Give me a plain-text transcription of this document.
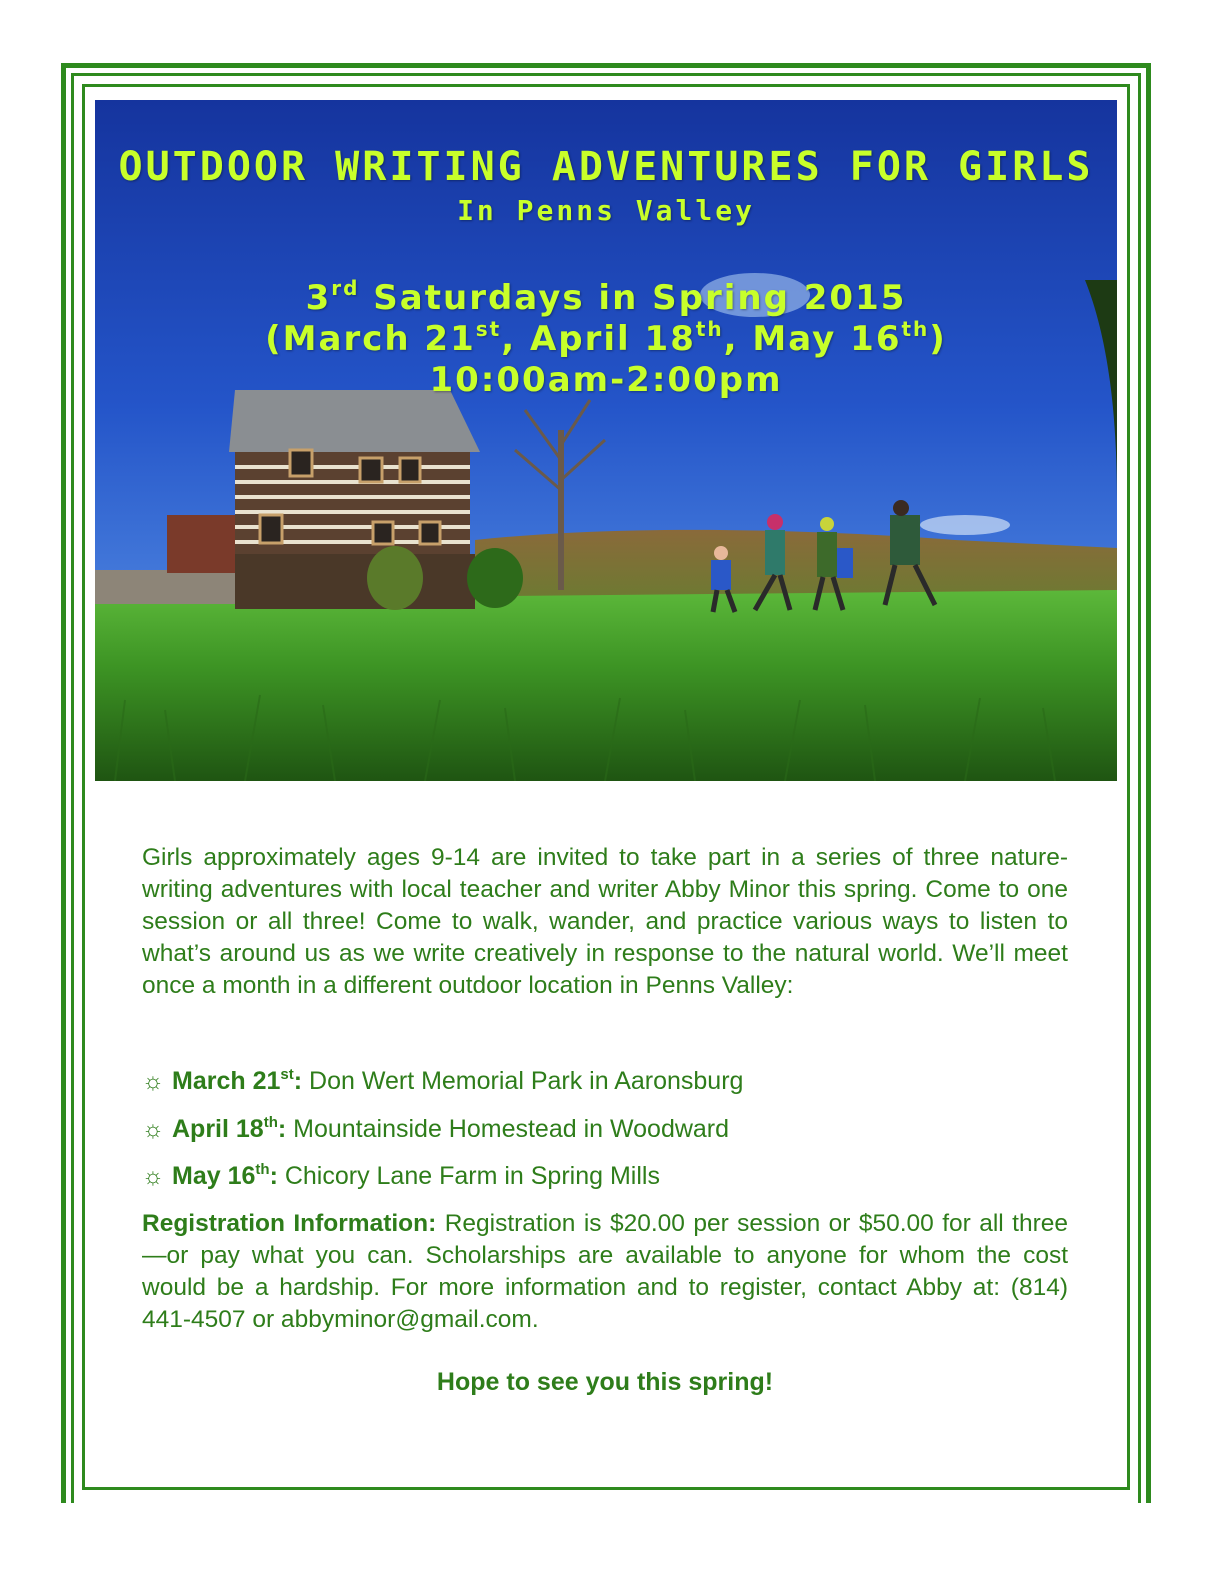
OUTDOOR WRITING ADVENTURES FOR GIRLS
In Penns Valley
3rd Saturdays in Spring 2015
(March 21st, April 18th, May 16th)
10:00am-2:00pm
Girls approximately ages 9-14 are invited to take part in a series of three nature-writing adventures with local teacher and writer Abby Minor this spring. Come to one session or all three! Come to walk, wander, and practice various ways to listen to what’s around us as we write creatively in response to the natural world. We’ll meet once a month in a different outdoor location in Penns Valley:
☼ March 21st: Don Wert Memorial Park in Aaronsburg
☼ April 18th: Mountainside Homestead in Woodward
☼ May 16th: Chicory Lane Farm in Spring Mills
Registration Information: Registration is $20.00 per session or $50.00 for all three—or pay what you can. Scholarships are available to anyone for whom the cost would be a hardship. For more information and to register, contact Abby at: (814) 441-4507 or abbyminor@gmail.com.
Hope to see you this spring!
